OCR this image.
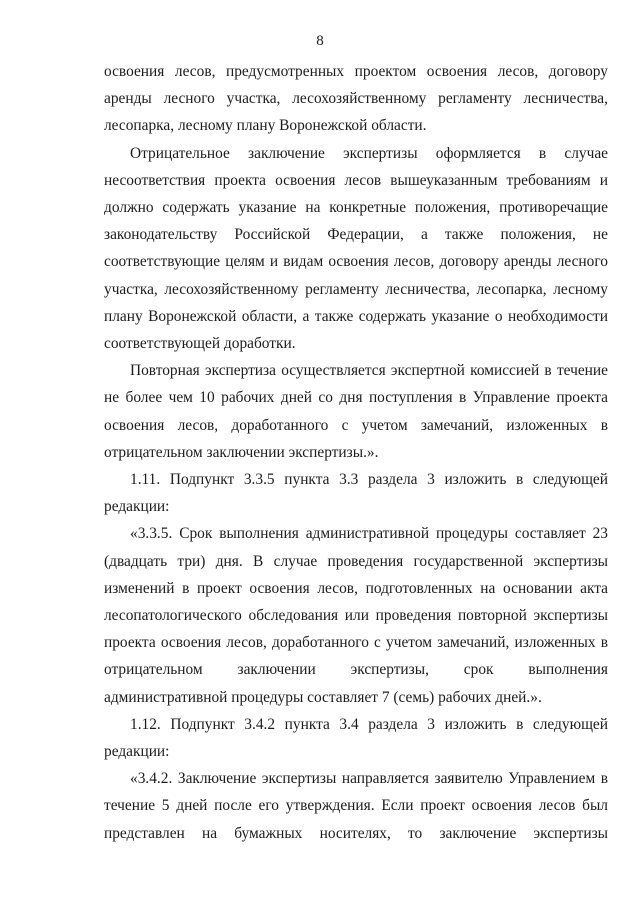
8

освоения лесов, предусмотренных проектом освоения лесов, договору аренды лесного участка, лесохозяйственному регламенту лесничества, лесопарка, лесному плану Воронежской области.

Отрицательное заключение экспертизы оформляется в случае несоответствия проекта освоения лесов вышеуказанным требованиям и должно содержать указание на конкретные положения, противоречащие законодательству Российской Федерации, а также положения, не соответствующие целям и видам освоения лесов, договору аренды лесного участка, лесохозяйственному регламенту лесничества, лесопарка, лесному плану Воронежской области, а также содержать указание о необходимости соответствующей доработки.

Повторная экспертиза осуществляется экспертной комиссией в течение не более чем 10 рабочих дней со дня поступления в Управление проекта освоения лесов, доработанного с учетом замечаний, изложенных в отрицательном заключении экспертизы.».

1.11. Подпункт 3.3.5 пункта 3.3 раздела 3 изложить в следующей редакции:

«3.3.5. Срок выполнения административной процедуры составляет 23 (двадцать три) дня. В случае проведения государственной экспертизы изменений в проект освоения лесов, подготовленных на основании акта лесопатологического обследования или проведения повторной экспертизы проекта освоения лесов, доработанного с учетом замечаний, изложенных в отрицательном заключении экспертизы, срок выполнения административной процедуры составляет 7 (семь) рабочих дней.».

1.12. Подпункт 3.4.2 пункта 3.4 раздела 3 изложить в следующей редакции:

«3.4.2. Заключение экспертизы направляется заявителю Управлением в течение 5 дней после его утверждения. Если проект освоения лесов был представлен на бумажных носителях, то заключение экспертизы
